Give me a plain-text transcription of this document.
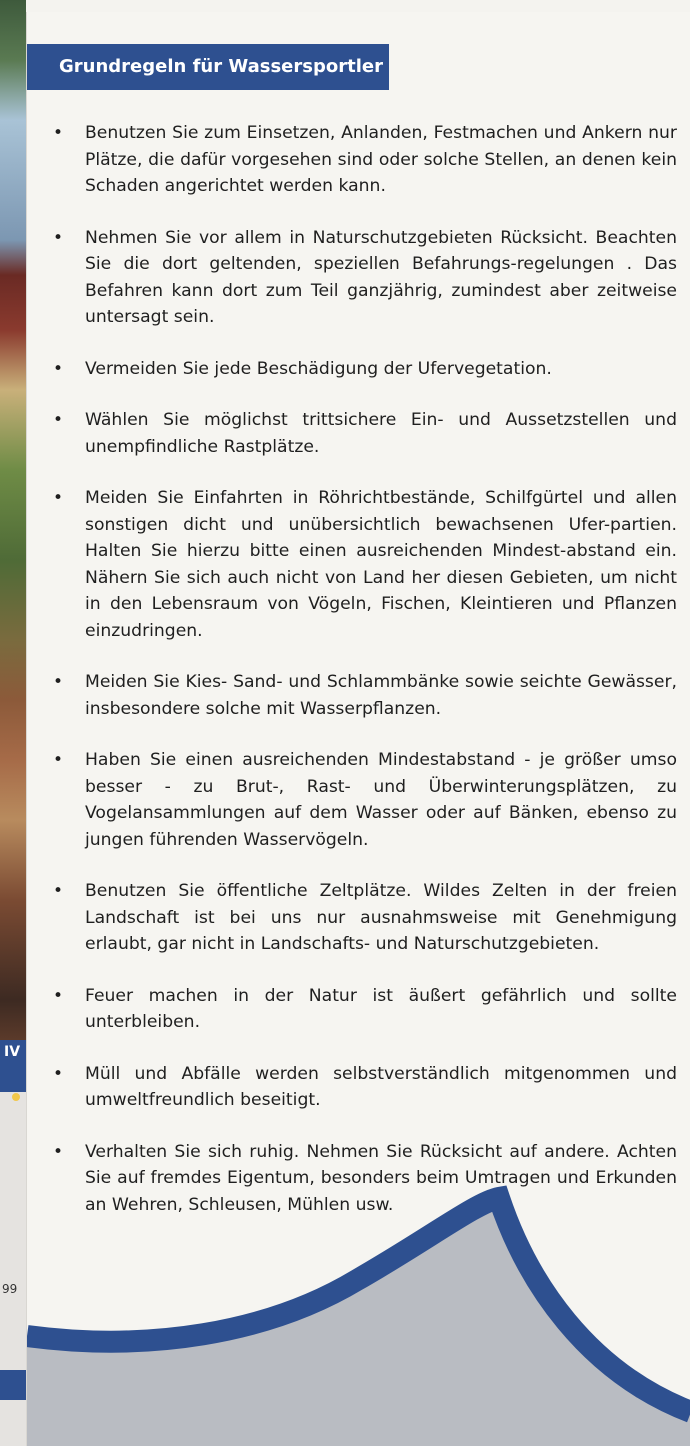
IV
99
Grundregeln für Wassersportler
• Benutzen Sie zum Einsetzen, Anlanden, Festmachen und Ankern nur Plätze, die dafür vorgesehen sind oder solche Stellen, an denen kein Schaden angerichtet werden kann.
• Nehmen Sie vor allem in Naturschutzgebieten Rücksicht. Beachten Sie die dort geltenden, speziellen Befahrungs-regelungen . Das Befahren kann dort zum Teil ganzjährig, zumindest aber zeitweise untersagt sein.
• Vermeiden Sie jede Beschädigung der Ufervegetation.
• Wählen Sie möglichst trittsichere Ein- und Aussetzstellen und unempfindliche Rastplätze.
• Meiden Sie Einfahrten in Röhrichtbestände, Schilfgürtel und allen sonstigen dicht und unübersichtlich bewachsenen Ufer-partien. Halten Sie hierzu bitte einen ausreichenden Mindest-abstand ein. Nähern Sie sich auch nicht von Land her diesen Gebieten, um nicht in den Lebensraum von Vögeln, Fischen, Kleintieren und Pflanzen einzudringen.
• Meiden Sie Kies- Sand- und Schlammbänke sowie seichte Gewässer, insbesondere solche mit Wasserpflanzen.
• Haben Sie einen ausreichenden Mindestabstand - je größer umso besser - zu Brut-, Rast- und Überwinterungsplätzen, zu Vogelansammlungen auf dem Wasser oder auf Bänken, ebenso zu jungen führenden Wasservögeln.
• Benutzen Sie öffentliche Zeltplätze. Wildes Zelten in der freien Landschaft ist bei uns nur ausnahmsweise mit Genehmigung erlaubt, gar nicht in Landschafts- und Naturschutzgebieten.
• Feuer machen in der Natur ist äußert gefährlich und sollte unterbleiben.
• Müll und Abfälle werden selbstverständlich mitgenommen und umweltfreundlich beseitigt.
• Verhalten Sie sich ruhig. Nehmen Sie Rücksicht auf andere. Achten Sie auf fremdes Eigentum, besonders beim Umtragen und Erkunden an Wehren, Schleusen, Mühlen usw.
